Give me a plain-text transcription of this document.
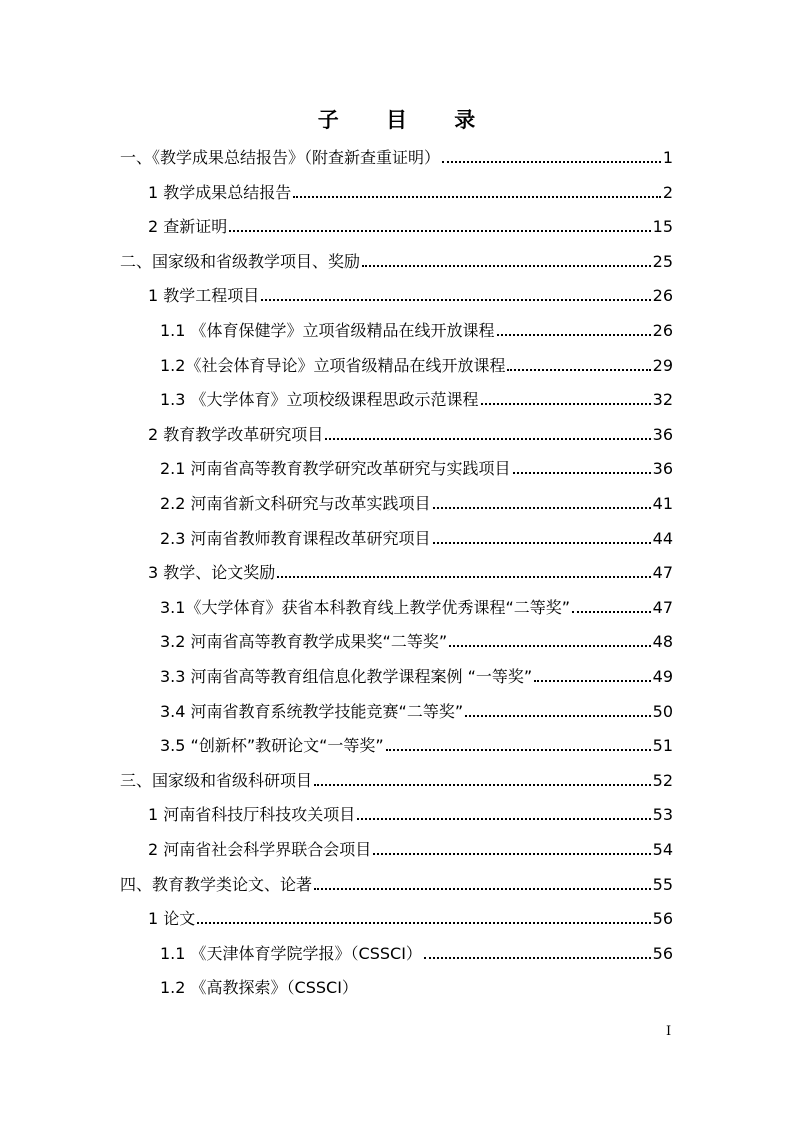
子 目 录
一、《教学成果总结报告》（附查新查重证明）	1
1 教学成果总结报告	2
2 查新证明	15
二、国家级和省级教学项目、奖励	25
1 教学工程项目	26
1.1 《体育保健学》立项省级精品在线开放课程	26
1.2《社会体育导论》立项省级精品在线开放课程	29
1.3 《大学体育》立项校级课程思政示范课程	32
2 教育教学改革研究项目	36
2.1 河南省高等教育教学研究改革研究与实践项目	36
2.2 河南省新文科研究与改革实践项目	41
2.3 河南省教师教育课程改革研究项目	44
3 教学、论文奖励	47
3.1《大学体育》获省本科教育线上教学优秀课程“二等奖”	47
3.2 河南省高等教育教学成果奖“二等奖”	48
3.3 河南省高等教育组信息化教学课程案例 “一等奖”	49
3.4 河南省教育系统教学技能竞赛“二等奖”	50
3.5 “创新杯”教研论文“一等奖”	51
三、国家级和省级科研项目	52
1 河南省科技厅科技攻关项目	53
2 河南省社会科学界联合会项目	54
四、教育教学类论文、论著	55
1 论文	56
1.1 《天津体育学院学报》（CSSCI）	56
1.2 《高教探索》（CSSCI）
I
